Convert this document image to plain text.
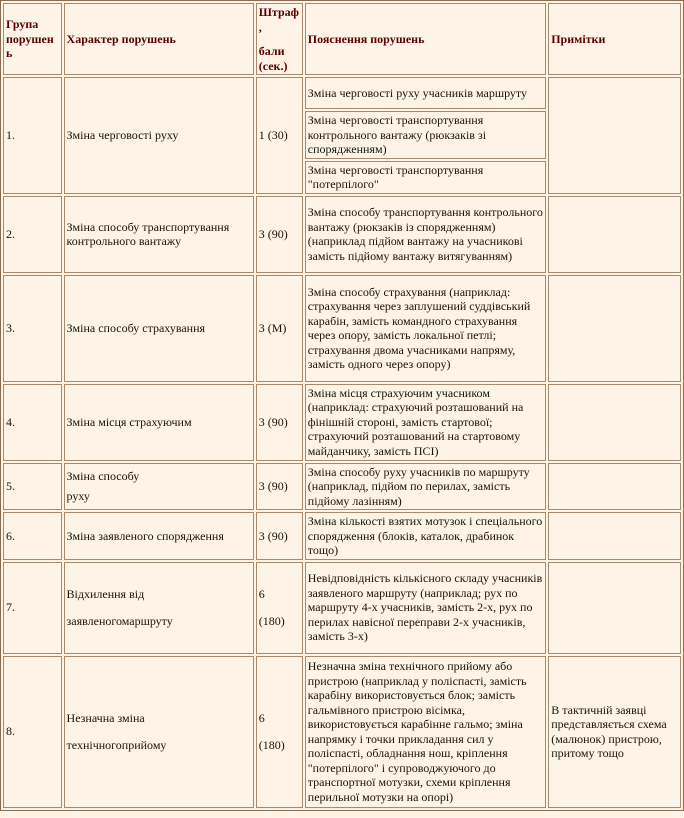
Група порушень	Характер порушень	Штраф,
бали (сек.)	Пояснення порушень	Примітки
1.	Зміна черговості руху	1 (30)	Зміна черговості руху учасників маршруту	
			Зміна черговості транспортування контрольного вантажу (рюкзаків зі спорядженням)	
			Зміна черговості транспортування "потерпілого"	
2.	Зміна способу транспортування контрольного вантажу	3 (90)	Зміна способу транспортування контрольного вантажу (рюкзаків із спорядженням) (наприклад підйом вантажу на учасникові замість підйому вантажу витягуванням)	
3.	Зміна способу страхування	3 (М)	Зміна способу страхування (наприклад: страхування через заплушений суддівський карабін, замість командного страхування через опору, замість локальної петлі; страхування двома учасниками напряму, замість одного через опору)	
4.	Зміна місця страхуючим	3 (90)	Зміна місця страхуючим учасником (наприклад: страхуючий розташований на фінішній стороні, замість стартової; страхуючий розташований на стартовому майданчику, замість ПСІ)	
5.	Зміна способу
руху	3 (90)	Зміна способу руху учасників по маршруту (наприклад, підйом по перилах, замість підйому лазінням)	
6.	Зміна заявленого спорядження	3 (90)	Зміна кількості взятих мотузок і спеціального спорядження (блоків, каталок, драбинок тощо)	
7.	Відхилення від
заявленогомаршруту	6
(180)	Невідповідність кількісного складу учасників заявленого маршруту (наприклад; рух по маршруту 4-х учасників, замість 2-х, рух по перилах навісної переправи 2-х учасників, замість 3-х)	
8.	Незначна зміна
технічногоприйому	6
(180)	Незначна зміна технічного прийому або пристрою (наприклад у поліспасті, замість карабіну використовується блок; замість гальмівного пристрою вісімка, використовується карабінне гальмо; зміна напрямку і точки прикладання сил у поліспасті, обладнання нош, кріплення "потерпілого" і супроводжуючого до транспортної мотузки, схеми кріплення перильної мотузки на опорі)	В тактичній заявці представляється схема (малюнок) пристрою, притому тощо
